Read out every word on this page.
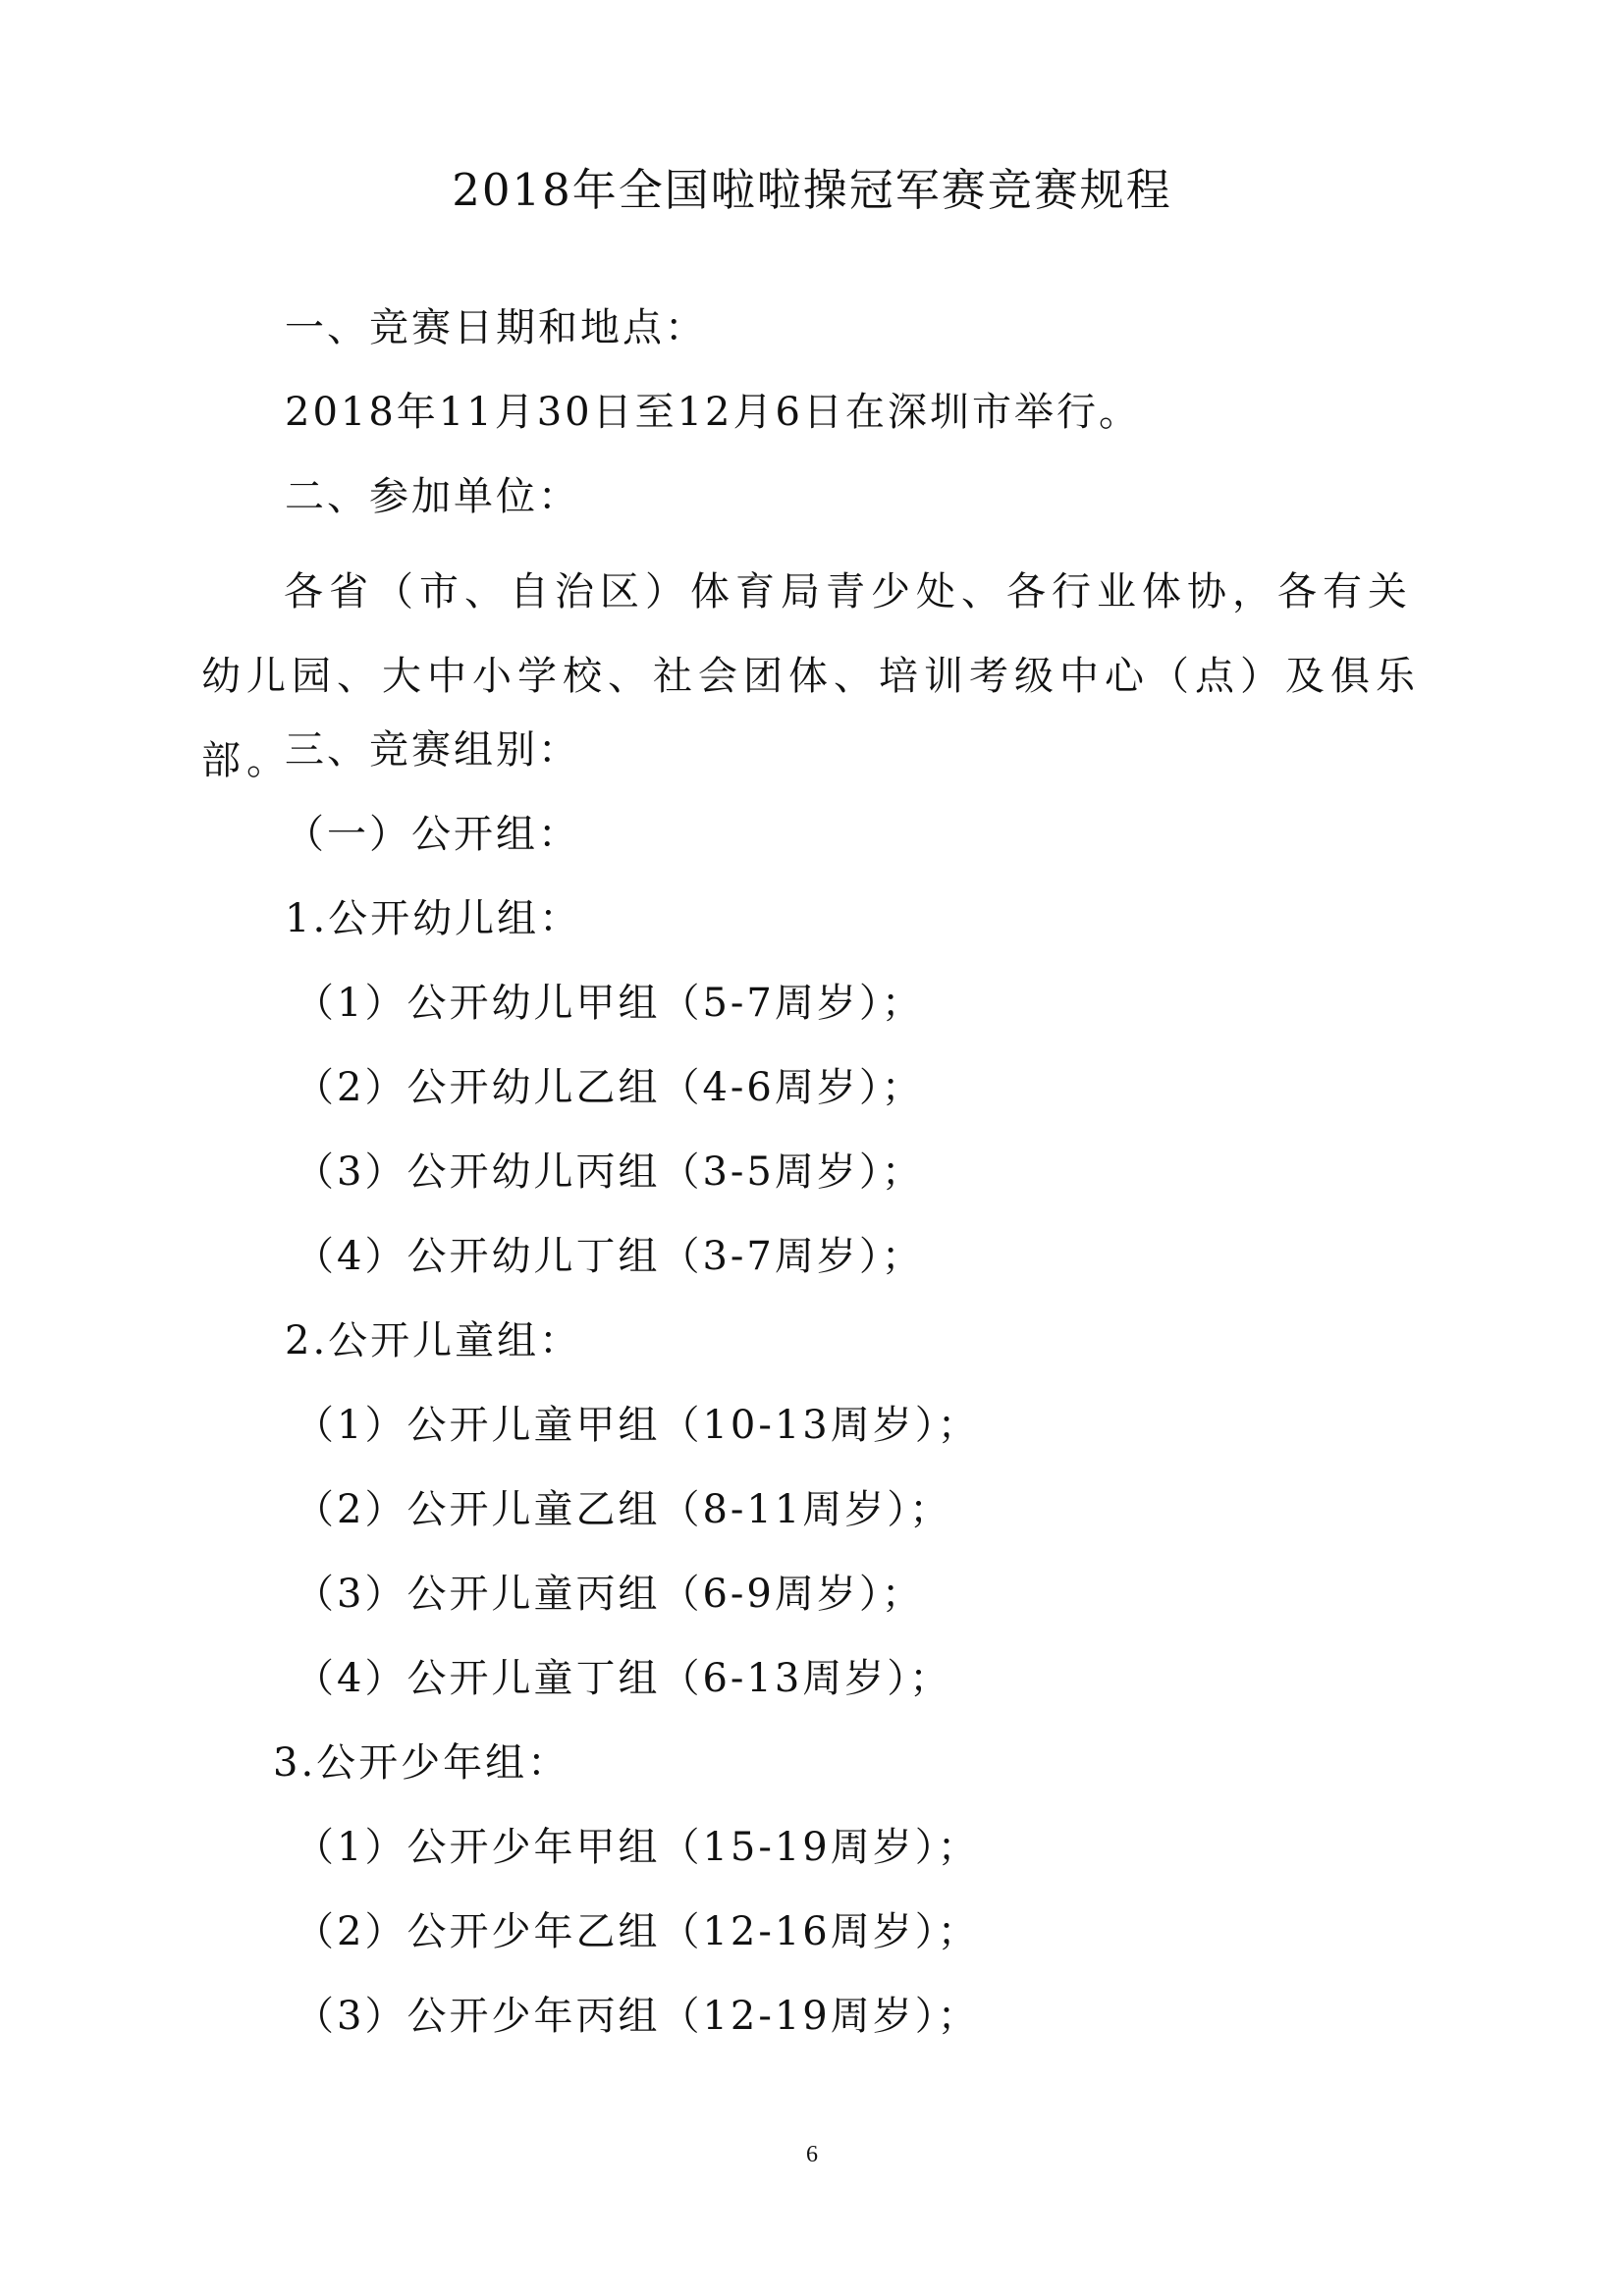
2018年全国啦啦操冠军赛竞赛规程
一、竞赛日期和地点：
2018年11月30日至12月6日在深圳市举行。
二、参加单位：
各省（市、自治区）体育局青少处、各行业体协，各有关幼儿园、大中小学校、社会团体、培训考级中心（点）及俱乐部。
三、竞赛组别：
（一）公开组：
1.公开幼儿组：
（1）公开幼儿甲组（5-7周岁）；
（2）公开幼儿乙组（4-6周岁）；
（3）公开幼儿丙组（3-5周岁）；
（4）公开幼儿丁组（3-7周岁）；
2.公开儿童组：
（1）公开儿童甲组（10-13周岁）；
（2）公开儿童乙组（8-11周岁）；
（3）公开儿童丙组（6-9周岁）；
（4）公开儿童丁组（6-13周岁）；
3.公开少年组：
（1）公开少年甲组（15-19周岁）；
（2）公开少年乙组（12-16周岁）；
（3）公开少年丙组（12-19周岁）；
6
